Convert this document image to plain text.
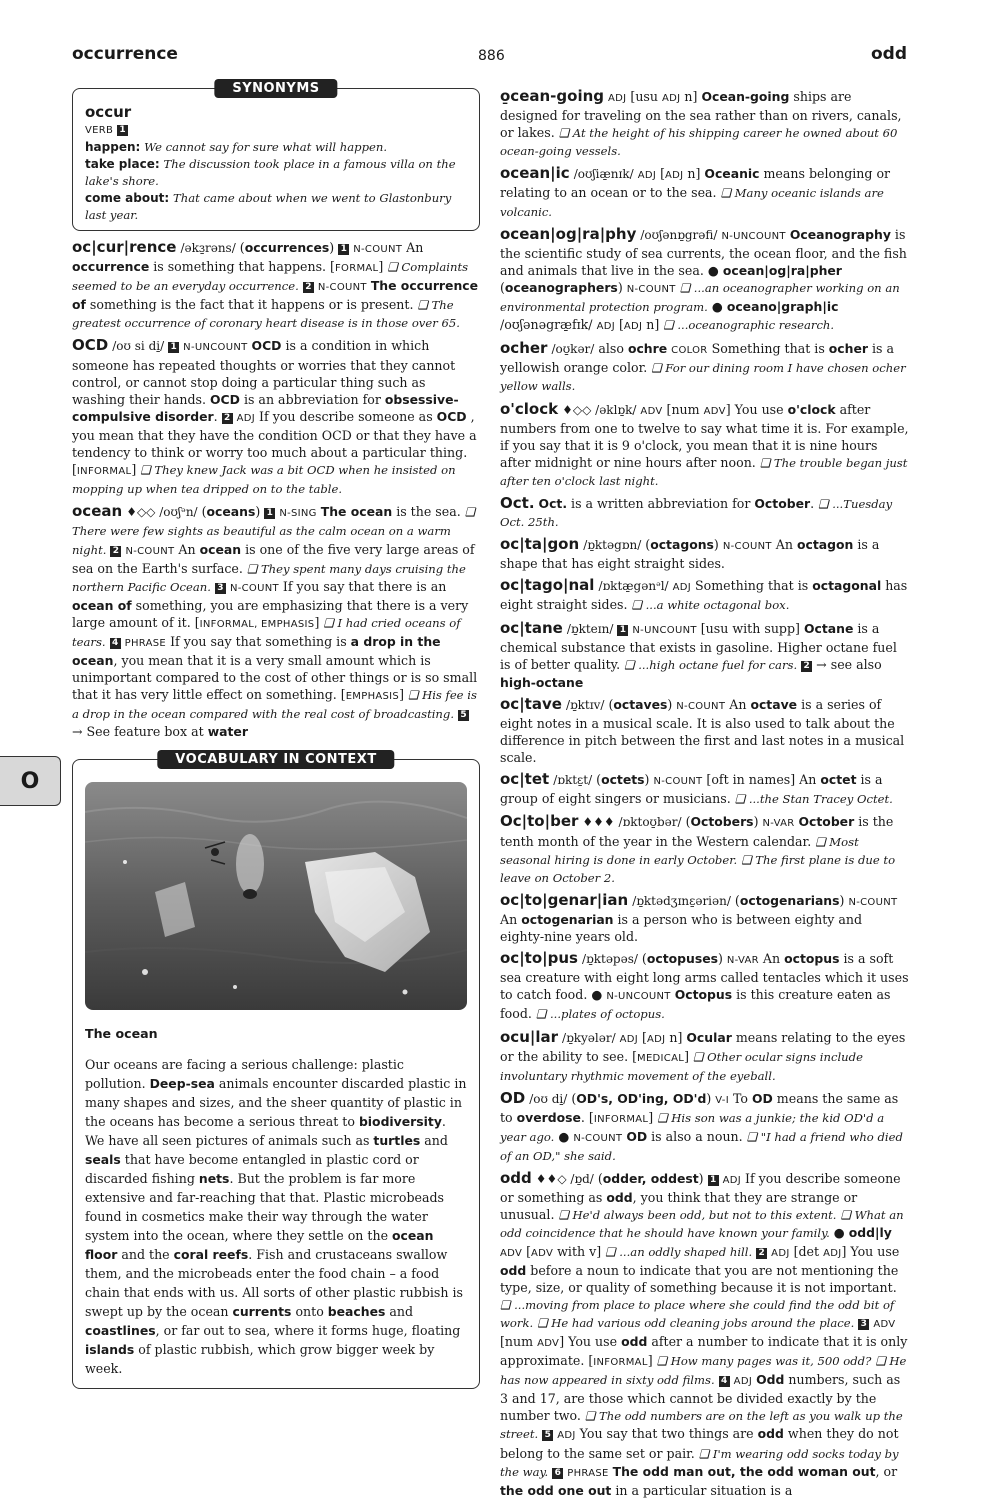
occurrence	886	odd
O
SYNONYMS
occur
VERB 1
happen: We cannot say for sure what will happen.
take place: The discussion took place in a famous villa on the lake's shore.
come about: That came about when we went to Glastonbury last year.
oc|cur|rence /əkɜ̱rəns/ (occurrences) 1 N-COUNT An occurrence is something that happens. [FORMAL] ❑ Complaints seemed to be an everyday occurrence. 2 N-COUNT The occurrence of something is the fact that it happens or is present. ❑ The greatest occurrence of coronary heart disease is in those over 65.
OCD /oʊ si di̱/ 1 N-UNCOUNT OCD is a condition in which someone has repeated thoughts or worries that they cannot control, or cannot stop doing a particular thing such as washing their hands. OCD is an abbreviation for obsessive-compulsive disorder. 2 ADJ If you describe someone as OCD , you mean that they have the condition OCD or that they have a tendency to think or worry too much about a particular thing. [INFORMAL] ❑ They knew Jack was a bit OCD when he insisted on mopping up when tea dripped on to the table.
ocean ♦◇◇ /oʊʃᵊn/ (oceans) 1 N-SING The ocean is the sea. ❑ There were few sights as beautiful as the calm ocean on a warm night. 2 N-COUNT An ocean is one of the five very large areas of sea on the Earth's surface. ❑ They spent many days cruising the northern Pacific Ocean. 3 N-COUNT If you say that there is an ocean of something, you are emphasizing that there is a very large amount of it. [INFORMAL, EMPHASIS] ❑ I had cried oceans of tears. 4 PHRASE If you say that something is a drop in the ocean, you mean that it is a very small amount which is unimportant compared to the cost of other things or is so small that it has very little effect on something. [EMPHASIS] ❑ His fee is a drop in the ocean compared with the real cost of broadcasting. 5 → See feature box at water
VOCABULARY IN CONTEXT
The ocean
Our oceans are facing a serious challenge: plastic pollution. Deep-sea animals encounter discarded plastic in many shapes and sizes, and the sheer quantity of plastic in the oceans has become a serious threat to biodiversity. We have all seen pictures of animals such as turtles and seals that have become entangled in plastic cord or discarded fishing nets. But the problem is far more extensive and far-reaching that that. Plastic microbeads found in cosmetics make their way through the water system into the ocean, where they settle on the ocean floor and the coral reefs. Fish and crustaceans swallow them, and the microbeads enter the food chain – a food chain that ends with us. All sorts of other plastic rubbish is swept up by the ocean currents onto beaches and coastlines, or far out to sea, where it forms huge, floating islands of plastic rubbish, which grow bigger week by week.
o̱cean-going ADJ [usu ADJ n] Ocean-going ships are designed for traveling on the sea rather than on rivers, canals, or lakes. ❑ At the height of his shipping career he owned about 60 ocean-going vessels.
ocean|ic /oʊʃiæ̱nɪk/ ADJ [ADJ n] Oceanic means belonging or relating to an ocean or to the sea. ❑ Many oceanic islands are volcanic.
ocean|og|ra|phy /oʊʃənɒ̱grəfi/ N-UNCOUNT Oceanography is the scientific study of sea currents, the ocean floor, and the fish and animals that live in the sea. ● ocean|og|ra|pher (oceanographers) N-COUNT ❑ ...an oceanographer working on an environmental protection program. ● oceano|graph|ic /oʊʃənəgræ̱fɪk/ ADJ [ADJ n] ❑ ...oceanographic research.
ocher /oʊ̱kər/ also ochre COLOR Something that is ocher is a yellowish orange color. ❑ For our dining room I have chosen ocher yellow walls.
o'clock ♦◇◇ /əklɒ̱k/ ADV [num ADV] You use o'clock after numbers from one to twelve to say what time it is. For example, if you say that it is 9 o'clock, you mean that it is nine hours after midnight or nine hours after noon. ❑ The trouble began just after ten o'clock last night.
Oct. Oct. is a written abbreviation for October. ❑ ...Tuesday Oct. 25th.
oc|ta|gon /ɒ̱ktəgɒn/ (octagons) N-COUNT An octagon is a shape that has eight straight sides.
oc|tago|nal /ɒktæ̱gənᵊl/ ADJ Something that is octagonal has eight straight sides. ❑ ...a white octagonal box.
oc|tane /ɒ̱kteɪn/ 1 N-UNCOUNT [usu with supp] Octane is a chemical substance that exists in gasoline. Higher octane fuel is of better quality. ❑ ...high octane fuel for cars. 2 → see also high-octane
oc|tave /ɒ̱ktɪv/ (octaves) N-COUNT An octave is a series of eight notes in a musical scale. It is also used to talk about the difference in pitch between the first and last notes in a musical scale.
oc|tet /ɒktɛ̱t/ (octets) N-COUNT [oft in names] An octet is a group of eight singers or musicians. ❑ ...the Stan Tracey Octet.
Oc|to|ber ♦♦♦ /ɒktoʊ̱bər/ (Octobers) N-VAR October is the tenth month of the year in the Western calendar. ❑ Most seasonal hiring is done in early October. ❑ The first plane is due to leave on October 2.
oc|to|genar|ian /ɒ̱ktədʒɪnɛ̱əriən/ (octogenarians) N-COUNT An octogenarian is a person who is between eighty and eighty-nine years old.
oc|to|pus /ɒ̱ktəpəs/ (octopuses) N-VAR An octopus is a soft sea creature with eight long arms called tentacles which it uses to catch food. ● N-UNCOUNT Octopus is this creature eaten as food. ❑ ...plates of octopus.
ocu|lar /ɒ̱kyələr/ ADJ [ADJ n] Ocular means relating to the eyes or the ability to see. [MEDICAL] ❑ Other ocular signs include involuntary rhythmic movement of the eyeball.
OD /oʊ di̱/ (OD's, OD'ing, OD'd) V-I To OD means the same as to overdose. [INFORMAL] ❑ His son was a junkie; the kid OD'd a year ago. ● N-COUNT OD is also a noun. ❑ "I had a friend who died of an OD," she said.
odd ♦♦◇ /ɒ̱d/ (odder, oddest) 1 ADJ If you describe someone or something as odd, you think that they are strange or unusual. ❑ He'd always been odd, but not to this extent. ❑ What an odd coincidence that he should have known your family. ● odd|ly ADV [ADV with v] ❑ ...an oddly shaped hill. 2 ADJ [det ADJ] You use odd before a noun to indicate that you are not mentioning the type, size, or quality of something because it is not important. ❑ ...moving from place to place where she could find the odd bit of work. ❑ He had various odd cleaning jobs around the place. 3 ADV [num ADV] You use odd after a number to indicate that it is only approximate. [INFORMAL] ❑ How many pages was it, 500 odd? ❑ He has now appeared in sixty odd films. 4 ADJ Odd numbers, such as 3 and 17, are those which cannot be divided exactly by the number two. ❑ The odd numbers are on the left as you walk up the street. 5 ADJ You say that two things are odd when they do not belong to the same set or pair. ❑ I'm wearing odd socks today by the way. 6 PHRASE The odd man out, the odd woman out, or the odd one out in a particular situation is a
